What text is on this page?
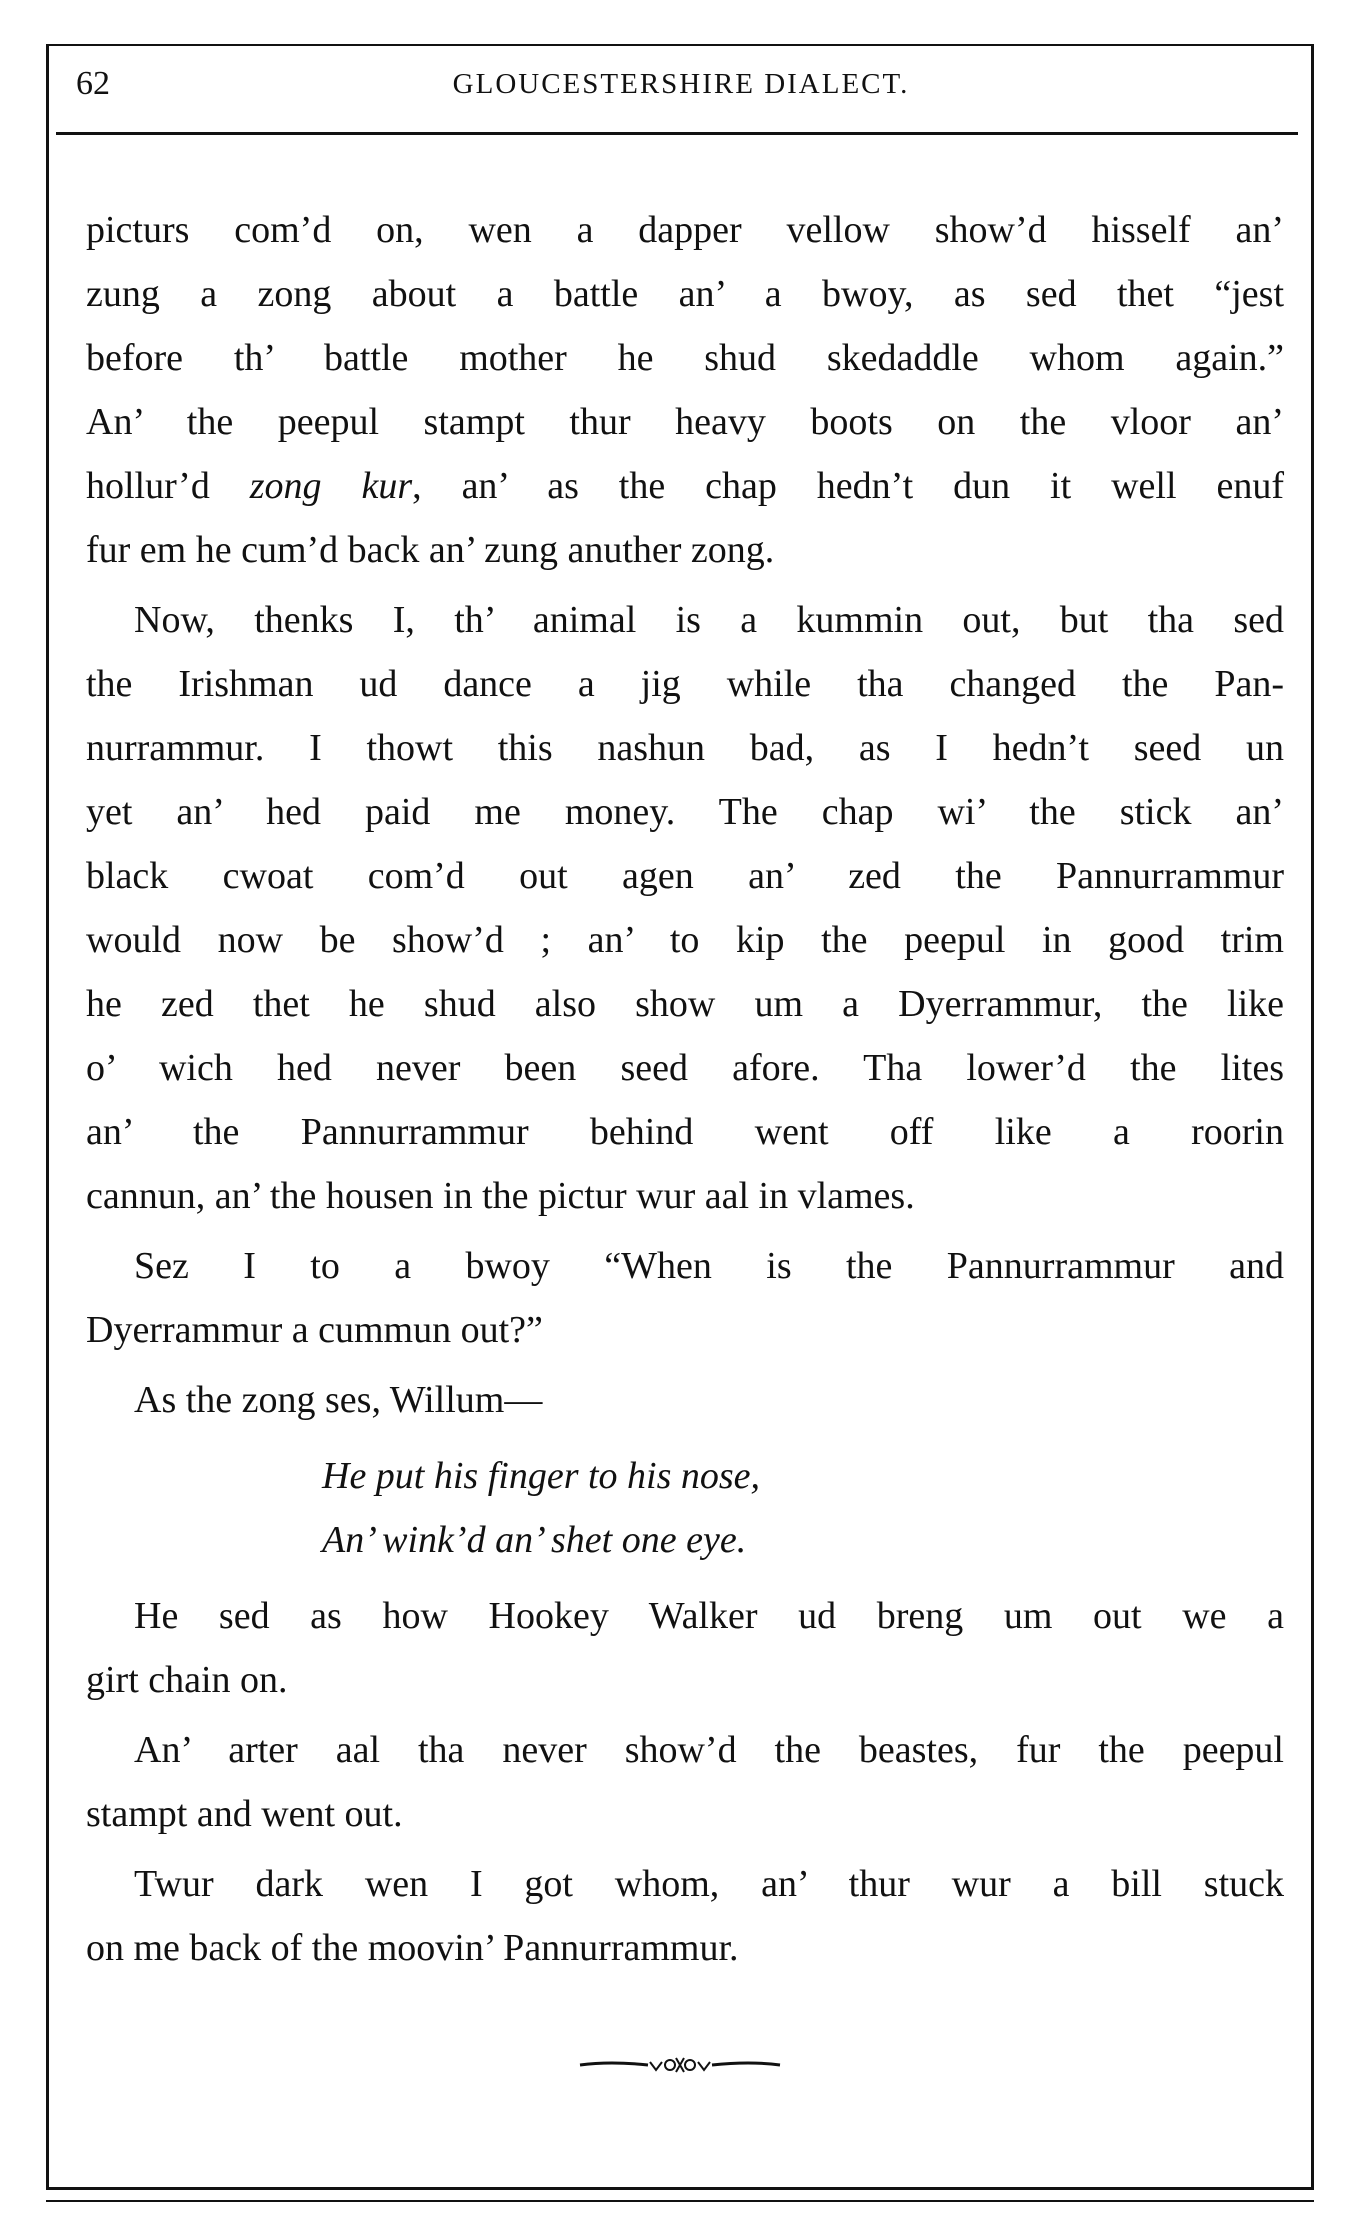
62	GLOUCESTERSHIRE DIALECT.
picturs com’d on, wen a dapper vellow show’d hisself an’
zung a zong about a battle an’ a bwoy, as sed thet “jest
before th’ battle mother he shud skedaddle whom again.”
An’ the peepul stampt thur heavy boots on the vloor an’
hollur’d zong kur, an’ as the chap hedn’t dun it well enuf
fur em he cum’d back an’ zung anuther zong.
Now, thenks I, th’ animal is a kummin out, but tha sed
the Irishman ud dance a jig while tha changed the Pan-
nurrammur. I thowt this nashun bad, as I hedn’t seed un
yet an’ hed paid me money. The chap wi’ the stick an’
black cwoat com’d out agen an’ zed the Pannurrammur
would now be show’d ; an’ to kip the peepul in good trim
he zed thet he shud also show um a Dyerrammur, the like
o’ wich hed never been seed afore. Tha lower’d the lites
an’ the Pannurrammur behind went off like a roorin
cannun, an’ the housen in the pictur wur aal in vlames.
Sez I to a bwoy “When is the Pannurrammur and
Dyerrammur a cummun out?”
As the zong ses, Willum—
He put his finger to his nose,
An’ wink’d an’ shet one eye.
He sed as how Hookey Walker ud breng um out we a
girt chain on.
An’ arter aal tha never show’d the beastes, fur the peepul
stampt and went out.
Twur dark wen I got whom, an’ thur wur a bill stuck
on me back of the moovin’ Pannurrammur.
